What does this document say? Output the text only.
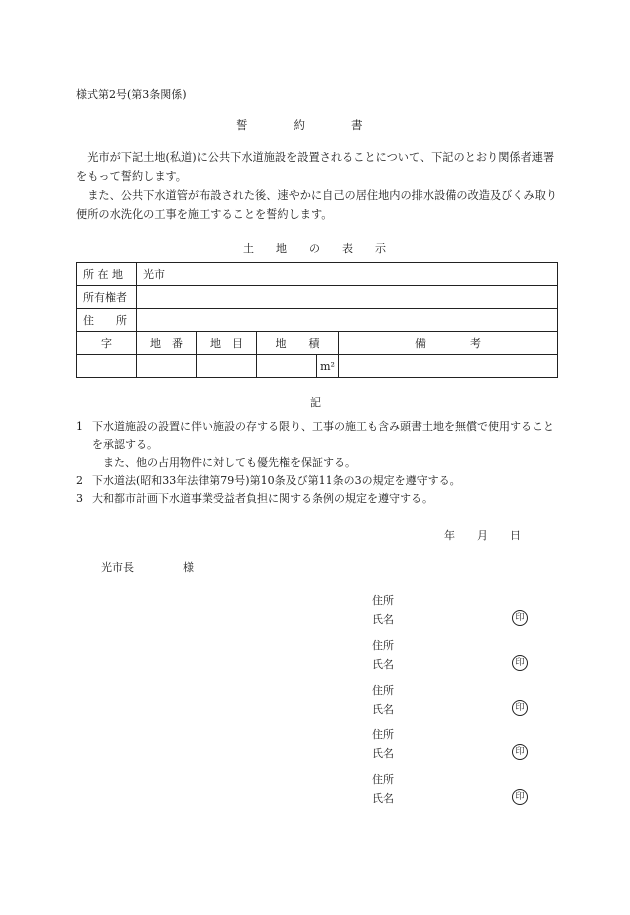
様式第2号(第3条関係)
誓　　　　約　　　　書

光市が下記土地(私道)に公共下水道施設を設置されることについて、下記のとおり関係者連署をもって誓約します。

また、公共下水道管が布設された後、速やかに自己の居住地内の排水設備の改造及びくみ取り便所の水洗化の工事を施工することを誓約します。

土　　地　　の　　表　　示
所 在 地	光市				
所有権者					
住　　所					
字	地　番	地　目	地　　積		備　　　　考
				m²	
記
1 下水道施設の設置に伴い施設の存する限り、工事の施工も含み頭書土地を無償で使用することを承認する。
また、他の占用物件に対しても優先権を保証する。
2 下水道法(昭和33年法律第79号)第10条及び第11条の3の規定を遵守する。
3 大和都市計画下水道事業受益者負担に関する条例の規定を遵守する。
年　　月　　日
光市長	様
住所
氏名	印
住所
氏名	印
住所
氏名	印
住所
氏名	印
住所
氏名	印
